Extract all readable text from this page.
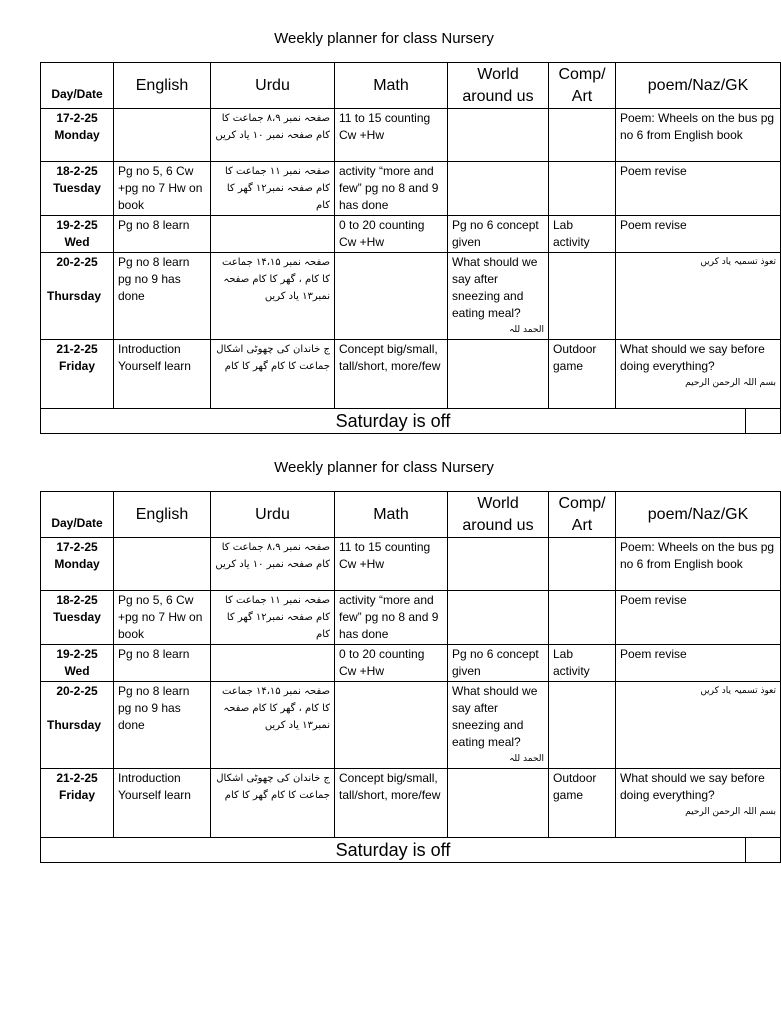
Weekly planner for class Nursery
Day/Date	English	Urdu	Math	World
around us	Comp/
Art	poem/Naz/GK	
17-2-25
Monday		صفحہ نمبر ۸،۹ جماعت کا
کام صفحہ نمبر ۱۰ یاد کریں	11 to 15 counting Cw +Hw			Poem: Wheels on the bus pg no 6 from English book	
18-2-25
Tuesday	Pg no 5, 6 Cw +pg no 7 Hw on book	صفحہ نمبر ۱۱ جماعت کا
کام صفحہ نمبر۱۲ گھر کا کام	activity “more and few” pg no 8 and 9 has done			Poem revise	
19-2-25
Wed	Pg no 8 learn		0 to 20 counting Cw +Hw	Pg no 6 concept given	Lab activity	Poem revise	

20-2-25
Thursday	Pg no 8 learn pg no 9 has done	صفحہ نمبر ۱۴،۱۵ جماعت
کا کام ، گھر کا کام صفحہ
نمبر۱۳ یاد کریں		What should we say after sneezing and eating meal?
الحمد للہ		تعوذ تسمیہ یاد کریں	
21-2-25
Friday	Introduction Yourself learn	ج خاندان کی چھوٹی اشکال
جماعت کا کام گھر کا کام	Concept big/small, tall/short, more/few		Outdoor game	What should we say before doing everything?
بسم اللہ الرحمن الرحیم	

Saturday is off							
Weekly planner for class Nursery
Day/Date	English	Urdu	Math	World
around us	Comp/
Art	poem/Naz/GK	
17-2-25
Monday		صفحہ نمبر ۸،۹ جماعت کا
کام صفحہ نمبر ۱۰ یاد کریں	11 to 15 counting Cw +Hw			Poem: Wheels on the bus pg no 6 from English book	
18-2-25
Tuesday	Pg no 5, 6 Cw +pg no 7 Hw on book	صفحہ نمبر ۱۱ جماعت کا
کام صفحہ نمبر۱۲ گھر کا کام	activity “more and few” pg no 8 and 9 has done			Poem revise	
19-2-25
Wed	Pg no 8 learn		0 to 20 counting Cw +Hw	Pg no 6 concept given	Lab activity	Poem revise	

20-2-25
Thursday	Pg no 8 learn pg no 9 has done	صفحہ نمبر ۱۴،۱۵ جماعت
کا کام ، گھر کا کام صفحہ
نمبر۱۳ یاد کریں		What should we say after sneezing and eating meal?
الحمد للہ		تعوذ تسمیہ یاد کریں	
21-2-25
Friday	Introduction Yourself learn	ج خاندان کی چھوٹی اشکال
جماعت کا کام گھر کا کام	Concept big/small, tall/short, more/few		Outdoor game	What should we say before doing everything?
بسم اللہ الرحمن الرحیم	

Saturday is off							
